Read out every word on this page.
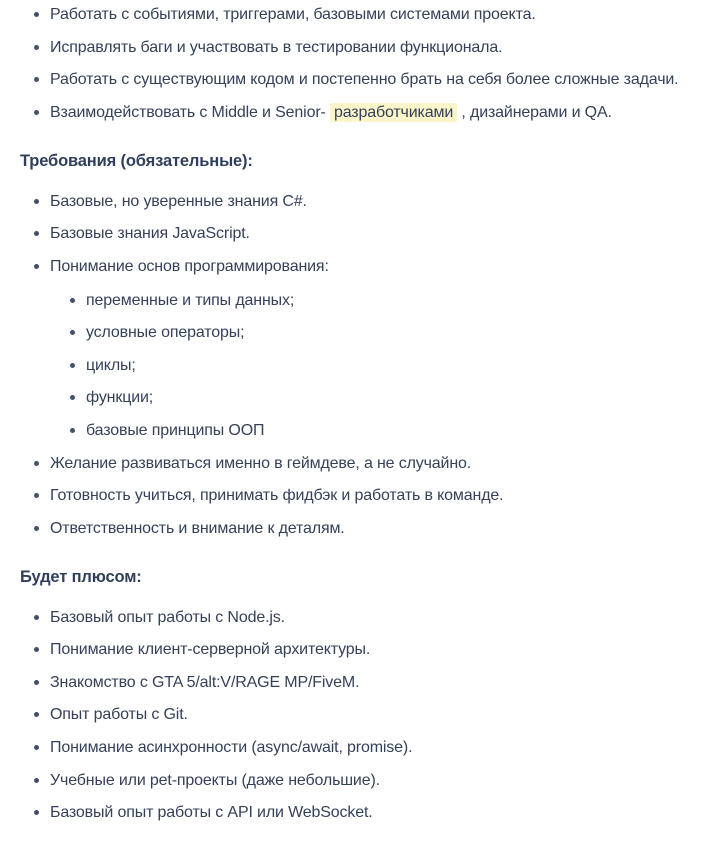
Работать с событиями, триггерами, базовыми системами проекта.
Исправлять баги и участвовать в тестировании функционала.
Работать с существующим кодом и постепенно брать на себя более сложные задачи.
Взаимодействовать с Middle и Senior- разработчиками , дизайнерами и QA.
Требования (обязательные):
Базовые, но уверенные знания C#.
Базовые знания JavaScript.
Понимание основ программирования:
переменные и типы данных;
условные операторы;
циклы;
функции;
базовые принципы ООП
Желание развиваться именно в геймдеве, а не случайно.
Готовность учиться, принимать фидбэк и работать в команде.
Ответственность и внимание к деталям.
Будет плюсом:
Базовый опыт работы с Node.js.
Понимание клиент-серверной архитектуры.
Знакомство с GTA 5/alt:V/RAGE MP/FiveM.
Опыт работы с Git.
Понимание асинхронности (async/await, promise).
Учебные или pet-проекты (даже небольшие).
Базовый опыт работы с API или WebSocket.
